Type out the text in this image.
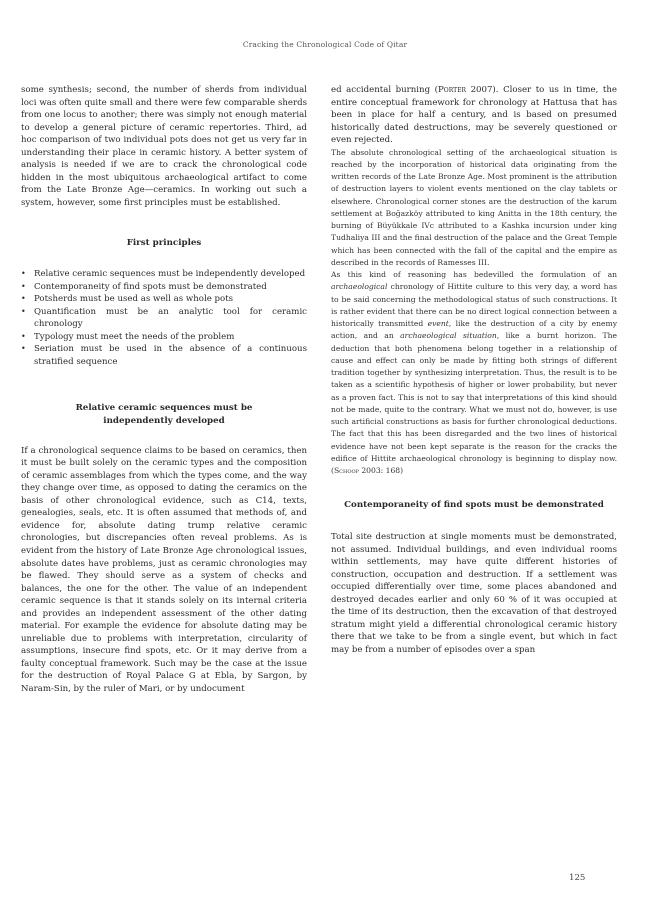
Cracking the Chronological Code of Qitar

some synthesis; second, the number of sherds from individual loci was often quite small and there were few comparable sherds from one locus to another; there was simply not enough material to develop a general picture of ceramic repertories. Third, ad hoc comparison of two individual pots does not get us very far in understanding their place in ceramic history. A better system of analysis is needed if we are to crack the chronological code hidden in the most ubiquitous archaeological artifact to come from the Late Bronze Age—ceramics. In working out such a system, however, some first principles must be established.

First principles
• Relative ceramic sequences must be independently developed
• Contemporaneity of find spots must be demonstrated
• Potsherds must be used as well as whole pots
• Quantification must be an analytic tool for ceramic chronology
• Typology must meet the needs of the problem
• Seriation must be used in the absence of a continuous stratified sequence
Relative ceramic sequences must be
independently developed

If a chronological sequence claims to be based on ceramics, then it must be built solely on the ceramic types and the composition of ceramic assemblages from which the types come, and the way they change over time, as opposed to dating the ceramics on the basis of other chronological evidence, such as C14, texts, genealogies, seals, etc. It is often assumed that methods of, and evidence for, absolute dating trump relative ceramic chronologies, but discrepancies often reveal problems. As is evident from the history of Late Bronze Age chronological issues, absolute dates have problems, just as ceramic chronologies may be flawed. They should serve as a system of checks and balances, the one for the other. The value of an independent ceramic sequence is that it stands solely on its internal criteria and provides an independent assessment of the other dating material. For example the evidence for absolute dating may be unreliable due to problems with interpretation, circularity of assumptions, insecure find spots, etc. Or it may derive from a faulty conceptual framework. Such may be the case at the issue for the destruction of Royal Palace G at Ebla, by Sargon, by Naram-Sin, by the ruler of Mari, or by undocument

ed accidental burning (Porter 2007). Closer to us in time, the entire conceptual framework for chronology at Hattusa that has been in place for half a century, and is based on presumed historically dated destructions, may be severely questioned or even rejected.

The absolute chronological setting of the archaeological situation is reached by the incorporation of historical data originating from the written records of the Late Bronze Age. Most prominent is the attribution of destruction layers to violent events mentioned on the clay tablets or elsewhere. Chronological corner stones are the destruction of the karum settlement at Boğazköy attributed to king Anitta in the 18th century, the burning of Büyükkale IVc attributed to a Kashka incursion under king Tudhaliya III and the final destruction of the palace and the Great Temple which has been connected with the fall of the capital and the empire as described in the records of Ramesses III.

As this kind of reasoning has bedevilled the formulation of an archaeological chronology of Hittite culture to this very day, a word has to be said concerning the methodological status of such constructions. It is rather evident that there can be no direct logical connection between a historically transmitted event, like the destruction of a city by enemy action, and an archaeological situation, like a burnt horizon. The deduction that both phenomena belong together in a relationship of cause and effect can only be made by fitting both strings of different tradition together by synthesizing interpretation. Thus, the result is to be taken as a scientific hypothesis of higher or lower probability, but never as a proven fact. This is not to say that interpretations of this kind should not be made, quite to the contrary. What we must not do, however, is use such artificial constructions as basis for further chronological deductions. The fact that this has been disregarded and the two lines of historical evidence have not been kept separate is the reason for the cracks the edifice of Hittite archaeological chronology is beginning to display now. (Schoop 2003: 168)

Contemporaneity of find spots must be demonstrated

Total site destruction at single moments must be demonstrated, not assumed. Individual buildings, and even individual rooms within settlements, may have quite different histories of construction, occupation and destruction. If a settlement was occupied differentially over time, some places abandoned and destroyed decades earlier and only 60 % of it was occupied at the time of its destruction, then the excavation of that destroyed stratum might yield a differential chronological ceramic history there that we take to be from a single event, but which in fact may be from a number of episodes over a span

125
